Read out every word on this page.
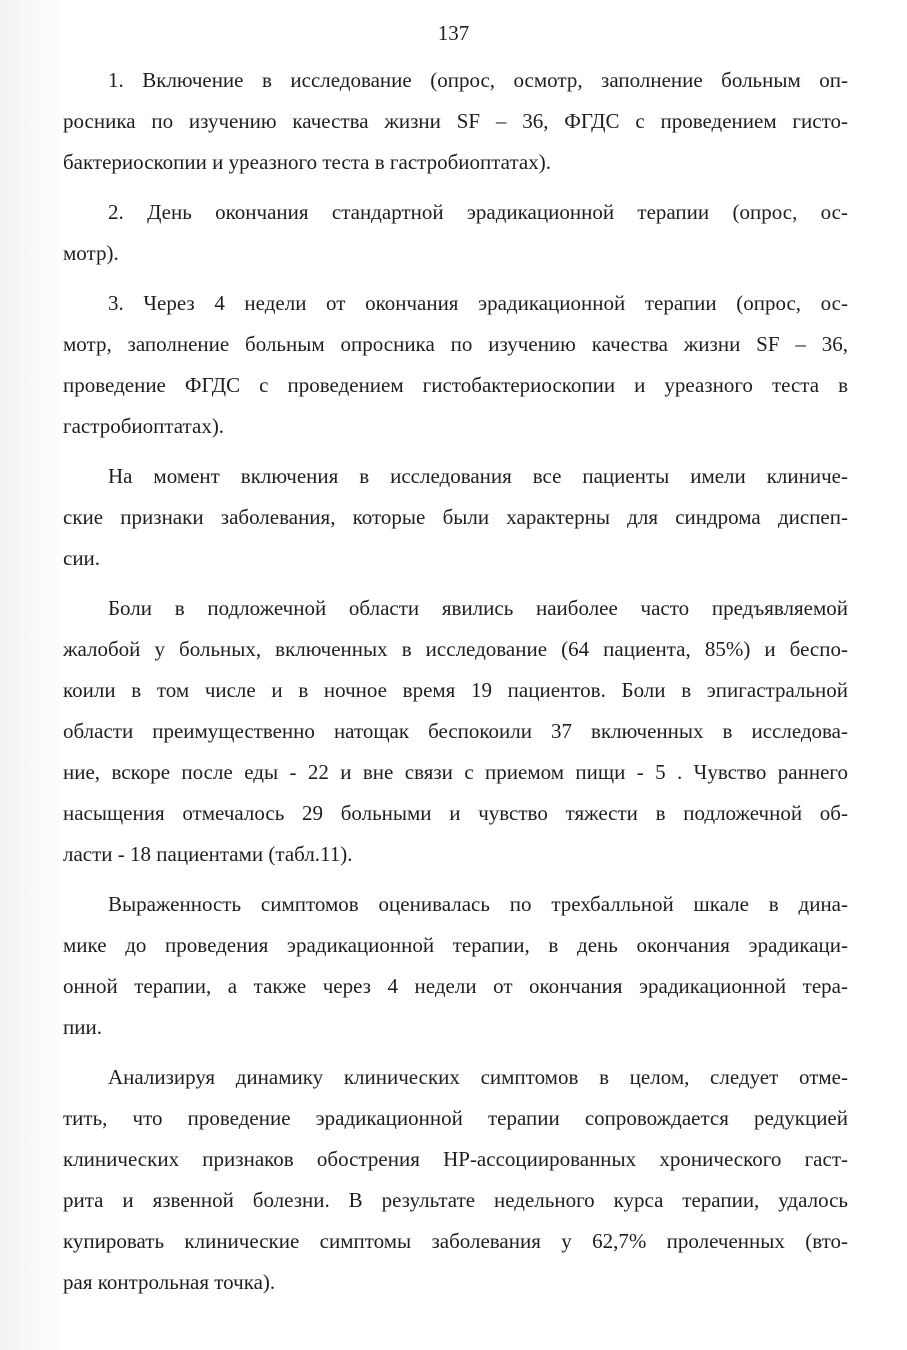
137
1. Включение в исследование (опрос, осмотр, заполнение больным оп-
росника по изучению качества жизни SF – 36, ФГДС с проведением гисто-
бактериоскопии и уреазного теста в гастробиоптатах).
2. День окончания стандартной эрадикационной терапии (опрос, ос-
мотр).
3. Через 4 недели от окончания эрадикационной терапии (опрос, ос-
мотр, заполнение больным опросника по изучению качества жизни SF – 36,
проведение ФГДС с проведением гистобактериоскопии и уреазного теста в
гастробиоптатах).
На момент включения в исследования все пациенты имели клиниче-
ские признаки заболевания, которые были характерны для синдрома диспеп-
сии.
Боли в подложечной области явились наиболее часто предъявляемой
жалобой у больных, включенных в исследование (64 пациента, 85%) и беспо-
коили в том числе и в ночное время 19 пациентов. Боли в эпигастральной
области преимущественно натощак беспокоили 37 включенных в исследова-
ние, вскоре после еды - 22 и вне связи с приемом пищи - 5 . Чувство раннего
насыщения отмечалось 29 больными и чувство тяжести в подложечной об-
ласти - 18 пациентами (табл.11).
Выраженность симптомов оценивалась по трехбалльной шкале в дина-
мике до проведения эрадикационной терапии, в день окончания эрадикаци-
онной терапии, а также через 4 недели от окончания эрадикационной тера-
пии.
Анализируя динамику клинических симптомов в целом, следует отме-
тить, что проведение эрадикационной терапии сопровождается редукцией
клинических признаков обострения HP-ассоциированных хронического гаст-
рита и язвенной болезни. В результате недельного курса терапии, удалось
купировать клинические симптомы заболевания у 62,7% пролеченных (вто-
рая контрольная точка).
